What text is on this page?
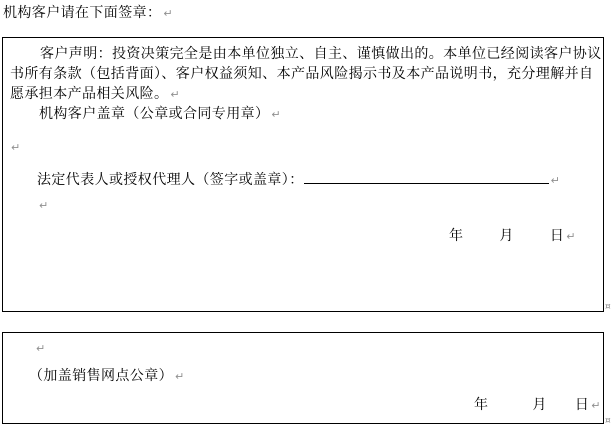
机构客户请在下面签章： ↵
客户声明：投资决策完全是由本单位独立、自主、谨慎做出的。本单位已经阅读客户协议
书所有条款（包括背面）、客户权益须知、本产品风险揭示书及本产品说明书，充分理解并自
愿承担本产品相关风险。 ↵
机构客户盖章（公章或合同专用章） ↵
↵
法定代表人或授权代理人（签字或盖章）：	↵
↵
年	月	日 ↵
¤
↵
（加盖销售网点公章） ↵
年	月 日 ↵
¤
